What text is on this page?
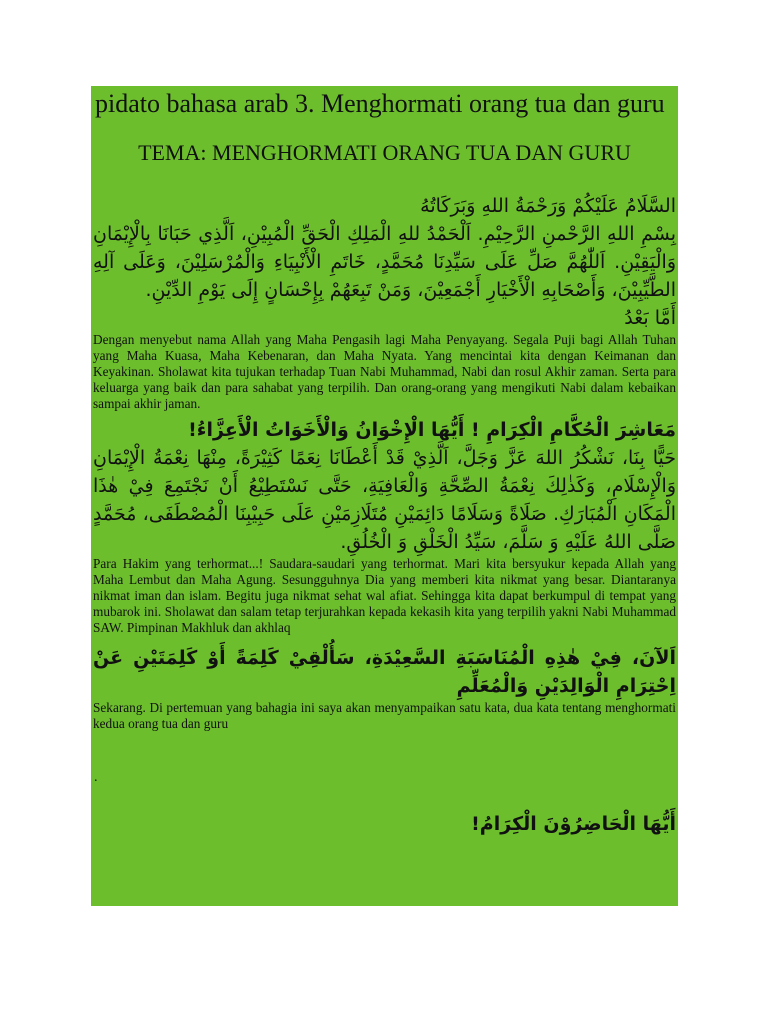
pidato bahasa arab 3. Menghormati orang tua dan guru
TEMA: MENGHORMATI ORANG TUA DAN GURU

السَّلَامُ عَلَيْكُمْ وَرَحْمَةُ اللهِ وَبَرَكَاتُهُ

بِسْمِ اللهِ الرَّحْمنِ الرَّحِيْمِ. اَلْحَمْدُ للهِ الْمَلِكِ الْحَقِّ الْمُبِيْنِ، اَلَّذِي حَبَانَا بِالْإِيْمَانِ وَالْيَقِيْنِ. اَللّٰهُمَّ صَلِّ عَلَى سَيِّدِنَا مُحَمَّدٍ، خَاتَمِ الْأَنْبِيَاءِ وَالْمُرْسَلِيْنَ، وَعَلَى آلِهِ الطَّيِّبِيْنَ، وَأَصْحَابِهِ الْأَخْيَارِ أَجْمَعِيْنَ، وَمَنْ تَبِعَهُمْ بِإِحْسَانٍ إِلَى يَوْمِ الدِّيْنِ.

أَمَّا بَعْدُ

Dengan menyebut nama Allah yang Maha Pengasih lagi Maha Penyayang. Segala Puji bagi Allah Tuhan yang Maha Kuasa, Maha Kebenaran, dan Maha Nyata. Yang mencintai kita dengan Keimanan dan Keyakinan. Sholawat kita tujukan terhadap Tuan Nabi Muhammad, Nabi dan rosul Akhir zaman. Serta para keluarga yang baik dan para sahabat yang terpilih. Dan orang-orang yang mengikuti Nabi dalam kebaikan sampai akhir jaman.

مَعَاشِرَ الْحُكَّامِ الْكِرَامِ ! أَيُّهَا الْإِخْوَانُ وَالْأَخَوَاتُ الْأَعِزَّاءُ!

حَيًّا بِنَا، نَشْكُرُ اللهَ عَزَّ وَجَلَّ، اَلَّذِيْ قَدْ أَعْطَانَا نِعَمًا كَثِيْرَةً، مِنْهَا نِعْمَةُ الْإِيْمَانِ وَالْإِسْلَامِ، وَكَذٰلِكَ نِعْمَةُ الصِّحَّةِ وَالْعَافِيَةِ، حَتَّى نَسْتَطِيْعُ أَنْ نَجْتَمِعَ فِيْ هٰذَا الْمَكَانِ الْمُبَارَكِ. صَلَاةً وَسَلَامًا دَائِمَيْنِ مُتَلَازِمَيْنِ عَلَى حَبِيْبِنَا الْمُصْطَفَى، مُحَمَّدٍ صَلَّى اللهُ عَلَيْهِ وَ سَلَّمَ، سَيِّدُ الْخَلْقِ وَ الْخُلُقِ.

Para Hakim yang terhormat...! Saudara-saudari yang terhormat. Mari kita bersyukur kepada Allah yang Maha Lembut dan Maha Agung. Sesungguhnya Dia yang memberi kita nikmat yang besar. Diantaranya nikmat iman dan islam. Begitu juga nikmat sehat wal afiat. Sehingga kita dapat berkumpul di tempat yang mubarok ini. Sholawat dan salam tetap terjurahkan kepada kekasih kita yang terpilih yakni Nabi Muhammad SAW. Pimpinan Makhluk dan akhlaq

اَلآنَ، فِيْ هٰذِهِ الْمُنَاسَبَةِ السَّعِيْدَةِ، سَأُلْقِيْ كَلِمَةً أَوْ كَلِمَتَيْنِ عَنْ اِحْتِرَامِ الْوَالِدَيْنِ وَالْمُعَلِّمِ

Sekarang. Di pertemuan yang bahagia ini saya akan menyampaikan satu kata, dua kata tentang menghormati kedua orang tua dan guru

.

أَيُّهَا الْحَاضِرُوْنَ الْكِرَامُ!
